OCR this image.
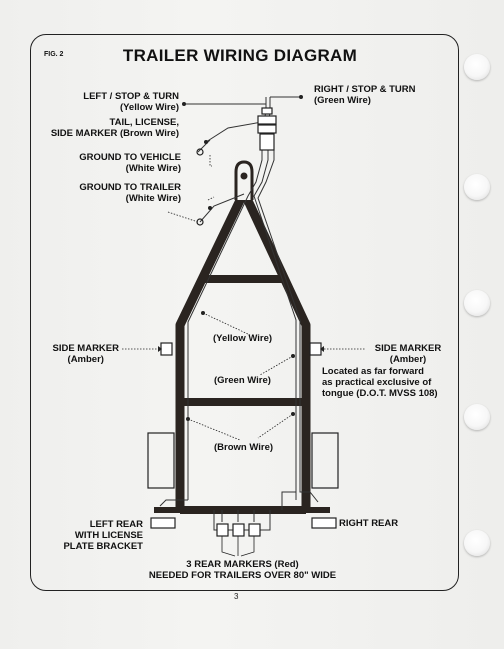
FIG. 2	TRAILER WIRING DIAGRAM
LEFT / STOP & TURN
(Yellow Wire)
TAIL, LICENSE,
SIDE MARKER (Brown Wire)
GROUND TO VEHICLE
(White Wire)
GROUND TO TRAILER
(White Wire)
RIGHT / STOP & TURN
(Green Wire)
SIDE MARKER
(Amber)
SIDE MARKER
(Amber)
Located as far forward
as practical exclusive of
tongue (D.O.T. MVSS 108)
(Yellow Wire)
(Green Wire)
(Brown Wire)
LEFT REAR
WITH LICENSE
PLATE BRACKET
RIGHT REAR
3 REAR MARKERS (Red)
NEEDED FOR TRAILERS OVER 80" WIDE
3
